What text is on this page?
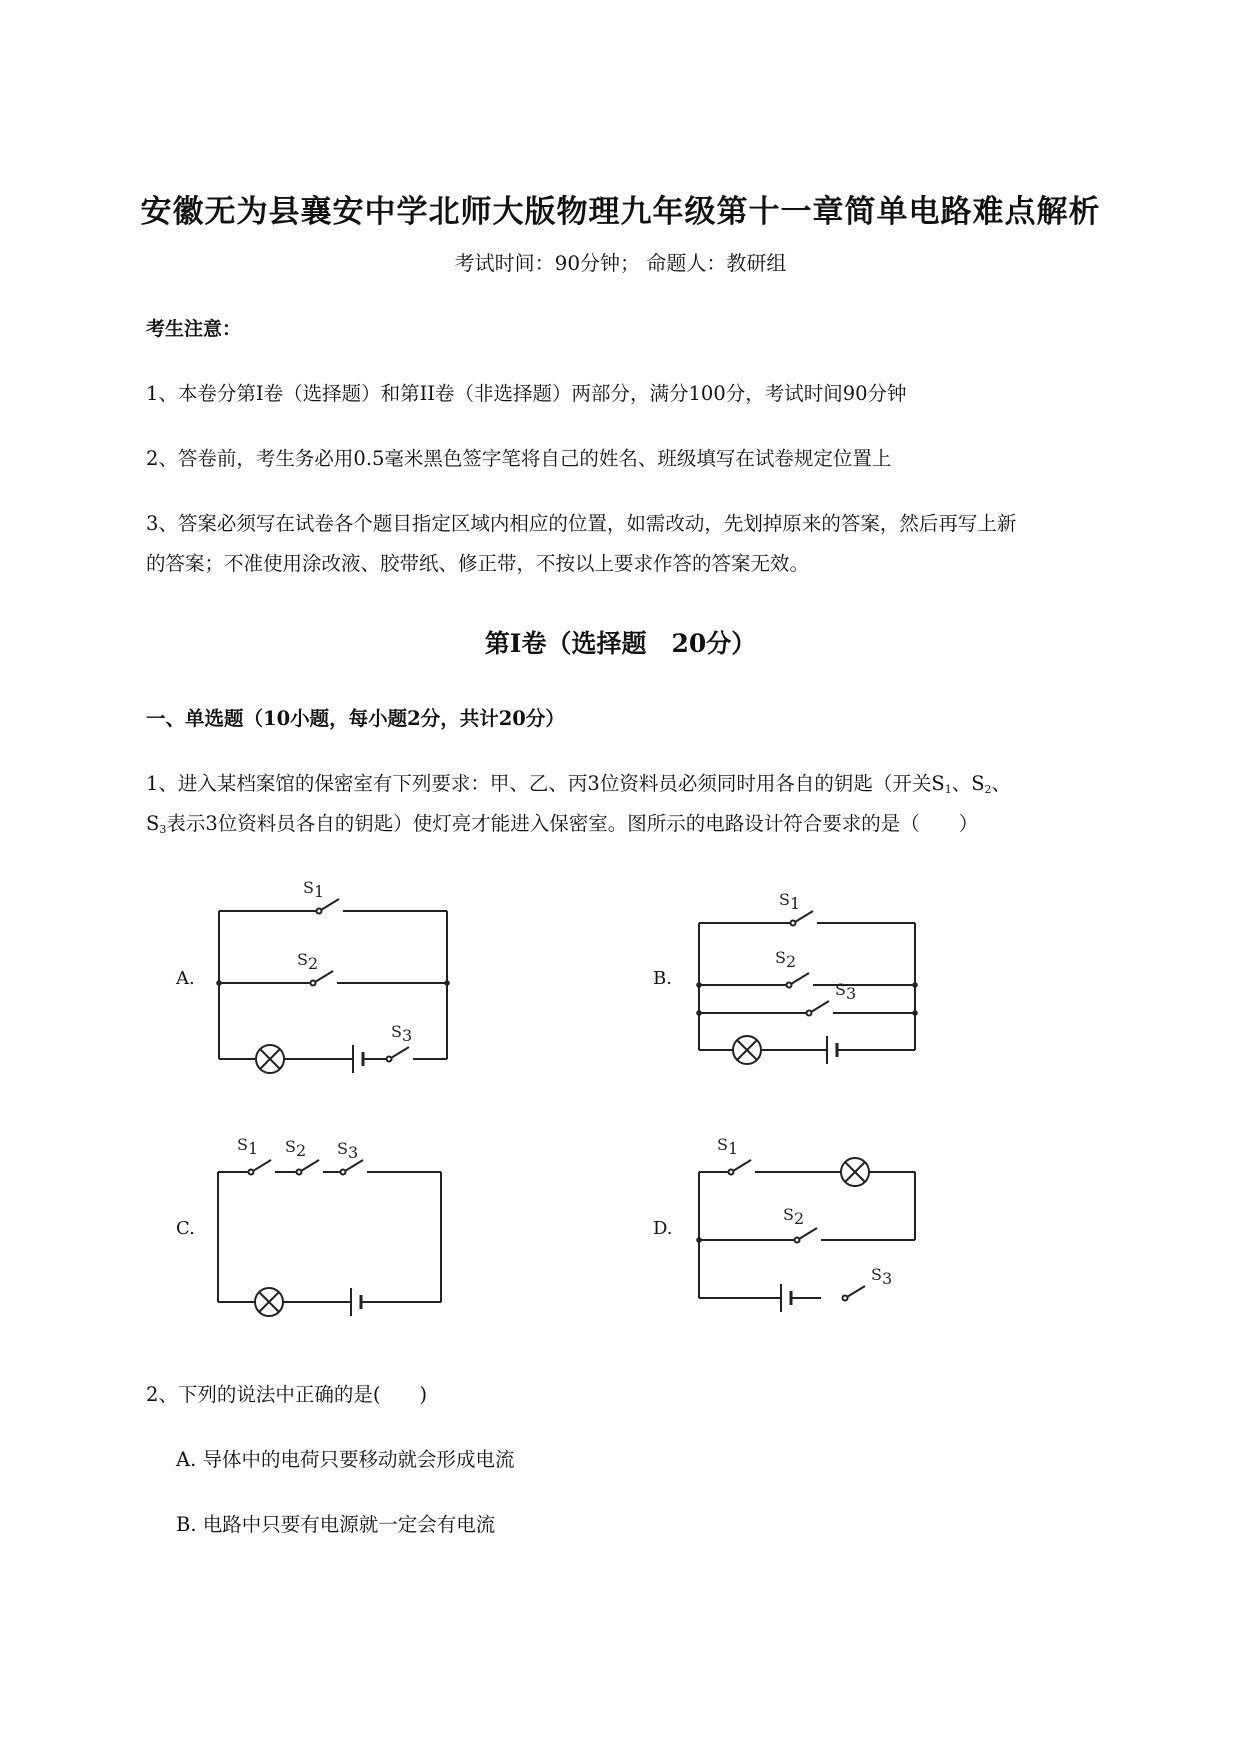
安徽无为县襄安中学北师大版物理九年级第十一章简单电路难点解析
考试时间：90分钟； 命题人：教研组
考生注意：
1、本卷分第I卷（选择题）和第II卷（非选择题）两部分，满分100分，考试时间90分钟
2、答卷前，考生务必用0.5毫米黑色签字笔将自己的姓名、班级填写在试卷规定位置上
3、答案必须写在试卷各个题目指定区域内相应的位置，如需改动，先划掉原来的答案，然后再写上新
的答案；不准使用涂改液、胶带纸、修正带，不按以上要求作答的答案无效。
第I卷（选择题　20分）
一、单选题（10小题，每小题2分，共计20分）
1、进入某档案馆的保密室有下列要求：甲、乙、丙3位资料员必须同时用各自的钥匙（开关$S_1$、$S_2$、
$S_3$表示3位资料员各自的钥匙）使灯亮才能进入保密室。图所示的电路设计符合要求的是（　　）
A.	B.
C.	D.
S1
S2
S3
S1
S2
S3
S1 S2 S3	S1
S2
S3
2、下列的说法中正确的是(　　)
A. 导体中的电荷只要移动就会形成电流
B. 电路中只要有电源就一定会有电流
